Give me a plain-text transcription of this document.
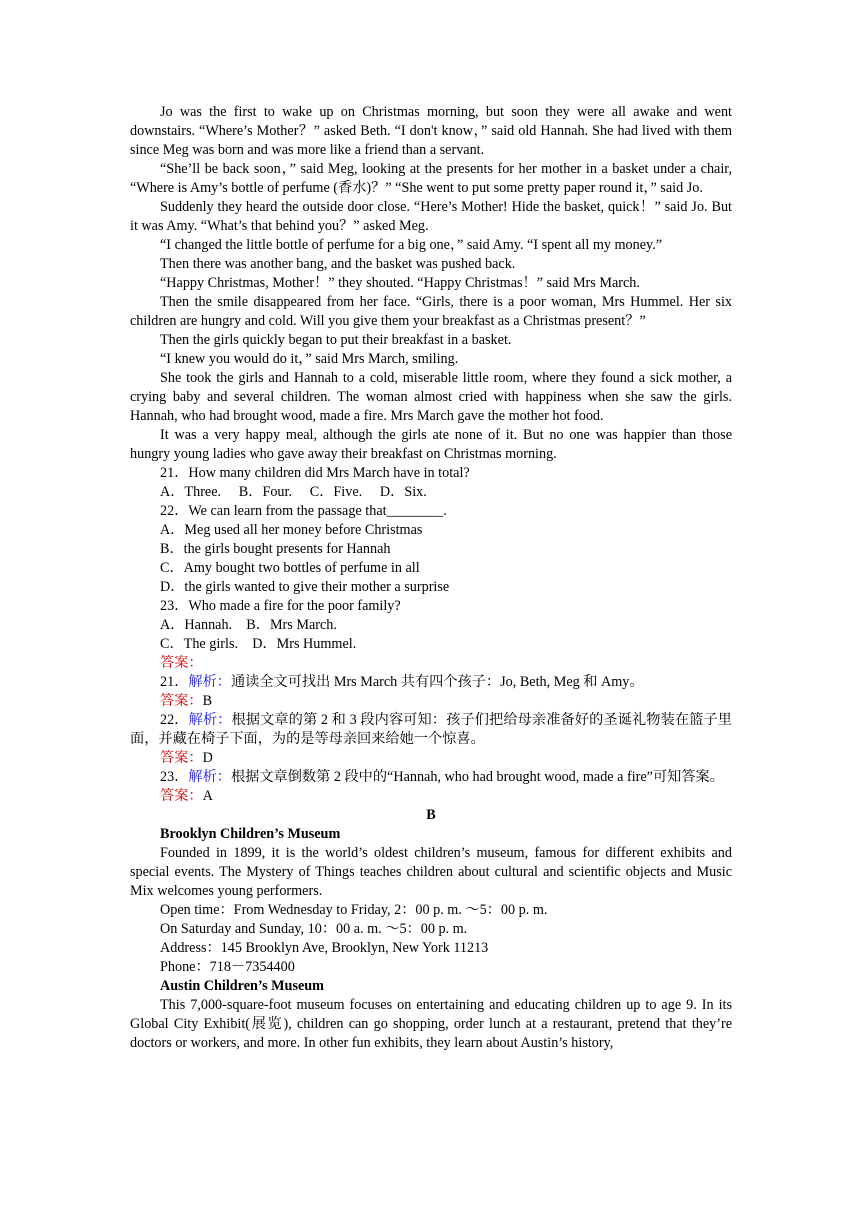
Jo was the first to wake up on Christmas morning, but soon they were all awake and went downstairs. “Where’s Mother？” asked Beth. “I don't know，” said old Hannah. She had lived with them since Meg was born and was more like a friend than a servant.

“She’ll be back soon，” said Meg, looking at the presents for her mother in a basket under a chair, “Where is Amy’s bottle of perfume (香水)？” “She went to put some pretty paper round it，” said Jo.

Suddenly they heard the outside door close. “Here’s Mother! Hide the basket, quick！” said Jo. But it was Amy. “What’s that behind you？” asked Meg.

“I changed the little bottle of perfume for a big one，” said Amy. “I spent all my money.”

Then there was another bang, and the basket was pushed back.

“Happy Christmas, Mother！” they shouted. “Happy Christmas！” said Mrs March.

Then the smile disappeared from her face. “Girls, there is a poor woman, Mrs Hummel. Her six children are hungry and cold. Will you give them your breakfast as a Christmas present？”

Then the girls quickly began to put their breakfast in a basket.

“I knew you would do it，” said Mrs March, smiling.

She took the girls and Hannah to a cold, miserable little room, where they found a sick mother, a crying baby and several children. The woman almost cried with happiness when she saw the girls. Hannah, who had brought wood, made a fire. Mrs March gave the mother hot food.

It was a very happy meal, although the girls ate none of it. But no one was happier than those hungry young ladies who gave away their breakfast on Christmas morning.

21．How many children did Mrs March have in total?

A．Three.　 B．Four.　 C．Five.　 D．Six.

22．We can learn from the passage that________.

A．Meg used all her money before Christmas

B．the girls bought presents for Hannah

C．Amy bought two bottles of perfume in all

D．the girls wanted to give their mother a surprise

23．Who made a fire for the poor family?

A．Hannah.　B．Mrs March.

C．The girls.　D．Mrs Hummel.

答案：

21．解析：通读全文可找出 Mrs March 共有四个孩子：Jo, Beth, Meg 和 Amy。

答案：B

22．解析：根据文章的第 2 和 3 段内容可知：孩子们把给母亲准备好的圣诞礼物装在篮子里面，并藏在椅子下面，为的是等母亲回来给她一个惊喜。

答案：D

23．解析：根据文章倒数第 2 段中的“Hannah, who had brought wood, made a fire”可知答案。

答案：A

B

Brooklyn Children’s Museum

Founded in 1899, it is the world’s oldest children’s museum, famous for different exhibits and special events. The Mystery of Things teaches children about cultural and scientific objects and Music Mix welcomes young performers.

Open time：From Wednesday to Friday, 2：00 p. m. ～5：00 p. m.

On Saturday and Sunday, 10：00 a. m. ～5：00 p. m.

Address：145 Brooklyn Ave, Brooklyn, New York 11213

Phone：718－7354400

Austin Children’s Museum

This 7,000-square-foot museum focuses on entertaining and educating children up to age 9. In its Global City Exhibit(展览), children can go shopping, order lunch at a restaurant, pretend that they’re doctors or workers, and more. In other fun exhibits, they learn about Austin’s history,
